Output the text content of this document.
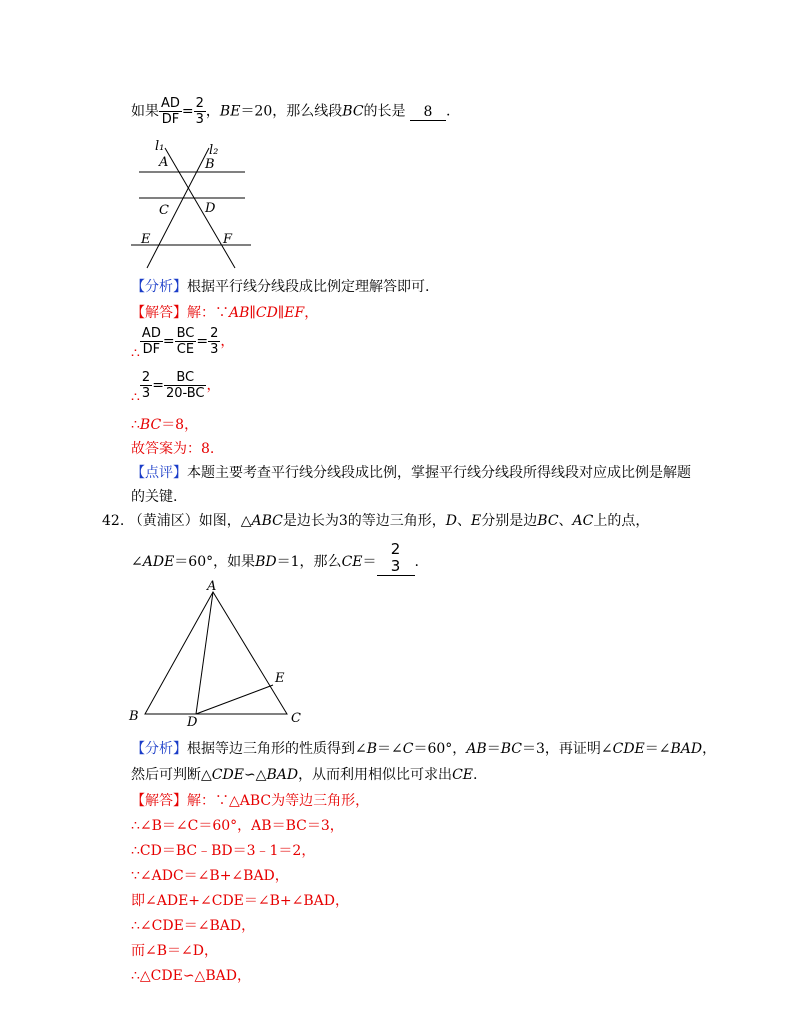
如果 $\frac{AD}{DF} = \frac{2}{3}$ ，BE＝20，那么线段BC的长是 8 .
l₁	l₂
A	B
C	D
E	F
【分析】根据平行线分线段成比例定理解答即可.
【解答】解：∵AB∥CD∥EF，
∴ $\frac{AD}{DF} = \frac{BC}{CE} = \frac{2}{3}$ ，
∴ $\frac{2}{3} = \frac{BC}{20-BC}$ ，
∴BC＝8，
故答案为：8.
【点评】本题主要考查平行线分线段成比例，掌握平行线分线段所得线段对应成比例是解题
的关键.
42. （黄浦区）如图，△ABC是边长为3的等边三角形，D、E分别是边BC、AC上的点，
∠ADE＝60°，如果BD＝1，那么CE＝
2
3 .
A
B	C
D
E
【分析】根据等边三角形的性质得到∠B＝∠C＝60°，AB＝BC＝3，再证明∠CDE＝∠BAD，
然后可判断△CDE∽△BAD，从而利用相似比可求出CE.
【解答】解：∵△ABC为等边三角形，
∴∠B＝∠C＝60°，AB＝BC＝3，
∴CD＝BC﹣BD＝3﹣1＝2，
∵∠ADC＝∠B+∠BAD，
即∠ADE+∠CDE＝∠B+∠BAD，
∴∠CDE＝∠BAD，
而∠B＝∠D，
∴△CDE∽△BAD，
